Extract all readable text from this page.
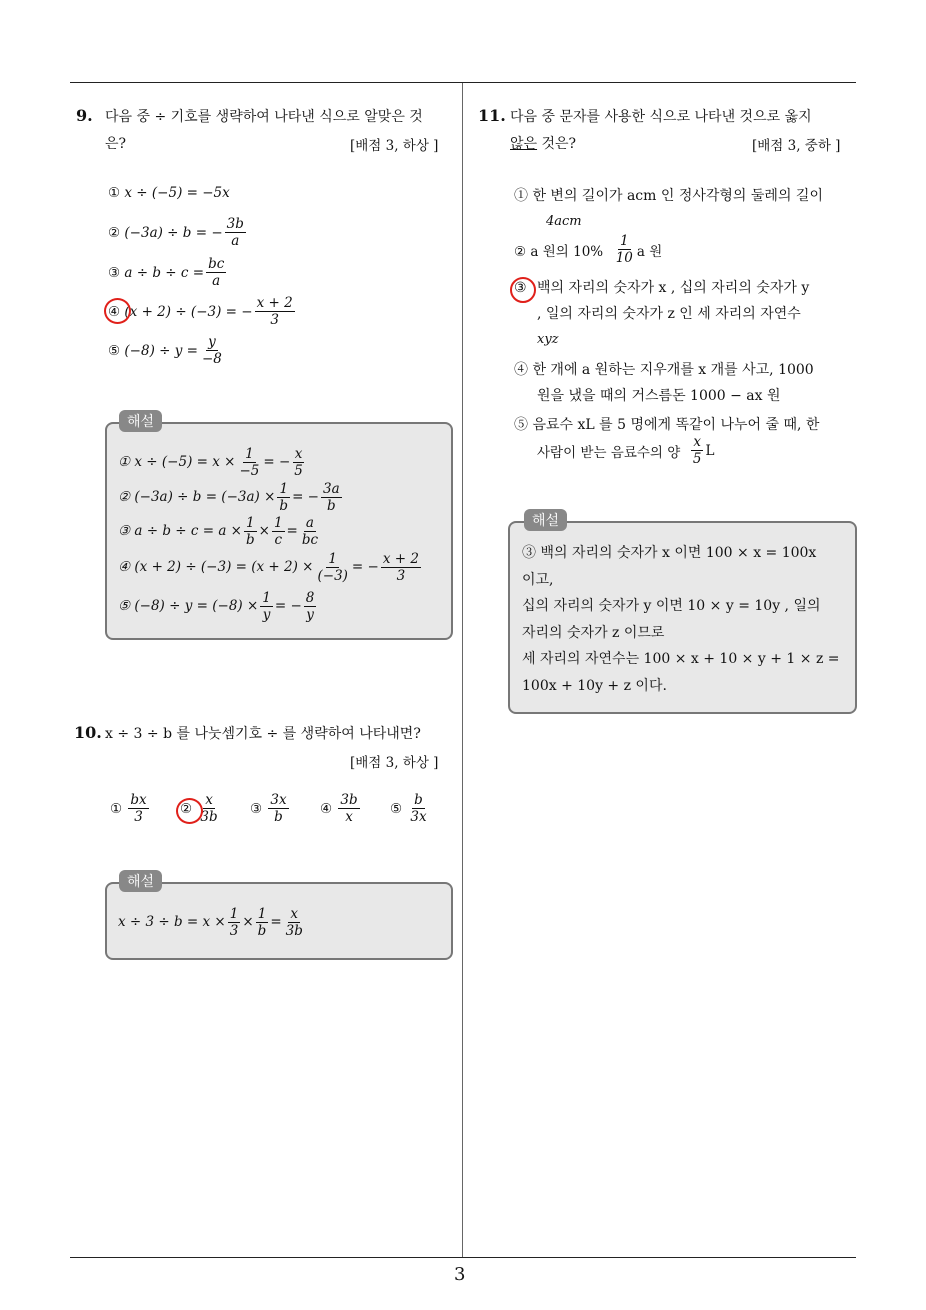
3
9. 다음 중 ÷ 기호를 생략하여 나타낸 식으로 알맞은 것
은?	[배점 3, 하상 ]
①
x ÷ (−5) = −5x
②
(−3a) ÷ b = − $\frac{3b}{a}$
③
$a \div b \div c = \frac{bc}{a}$
④
(x + 2) ÷ (−3) = − $\frac{x + 2}{3}$
⑤
$(-8) \div y = \frac{y}{-8}$
해설
① $x \div (-5) = x \times \frac{1}{-5}$ = − $\frac{x}{5}$
② $(-3a) \div b = (-3a) \times \frac{1}{b}$ = − $\frac{3a}{b}$
③ $a \div b \div c = a \times \frac{1}{b} \times \frac{1}{c} = \frac{a}{bc}$
④ $(x + 2) \div (-3) = (x + 2) \times \frac{1}{(-3)}$ = − $\frac{x + 2}{3}$
⑤ $(-8) \div y = (-8) \times \frac{1}{y}$ = − $\frac{8}{y}$
10. x ÷ 3 ÷ b 를 나눗셈기호 ÷ 를 생략하여 나타내면?
[배점 3, 하상 ]
①
$\frac{bx}{3}$ ②
$\frac{x}{3b}$ ③
$\frac{3x}{b}$ ④
$\frac{3b}{x}$ ⑤
$\frac{b}{3x}$
해설
$x \div 3 \div b = x \times \frac{1}{3} \times \frac{1}{b} = \frac{x}{3b}$
11. 다음 중 문자를 사용한 식으로 나타낸 것으로 옳지
않은 것은?	[배점 3, 중하 ]
① 한 변의 길이가 acm 인 정사각형의 둘레의 길이
4acm
② a 원의 10%
$\frac{1}{10}$ a 원
③ 백의 자리의 숫자가 x , 십의 자리의 숫자가 y
, 일의 자리의 숫자가 z 인 세 자리의 자연수
xyz
④ 한 개에 a 원하는 지우개를 x 개를 사고, 1000
원을 냈을 때의 거스름돈 1000 − ax 원
⑤ 음료수 xL 를 5 명에게 똑같이 나누어 줄 때, 한
사람이 받는 음료수의 양
$\frac{x}{5}$ L
해설
③ 백의 자리의 숫자가 x 이면 100 × x = 100x
이고,
십의 자리의 숫자가 y 이면 10 × y = 10y , 일의
자리의 숫자가 z 이므로
세 자리의 자연수는 100 × x + 10 × y + 1 × z =
100x + 10y + z 이다.
